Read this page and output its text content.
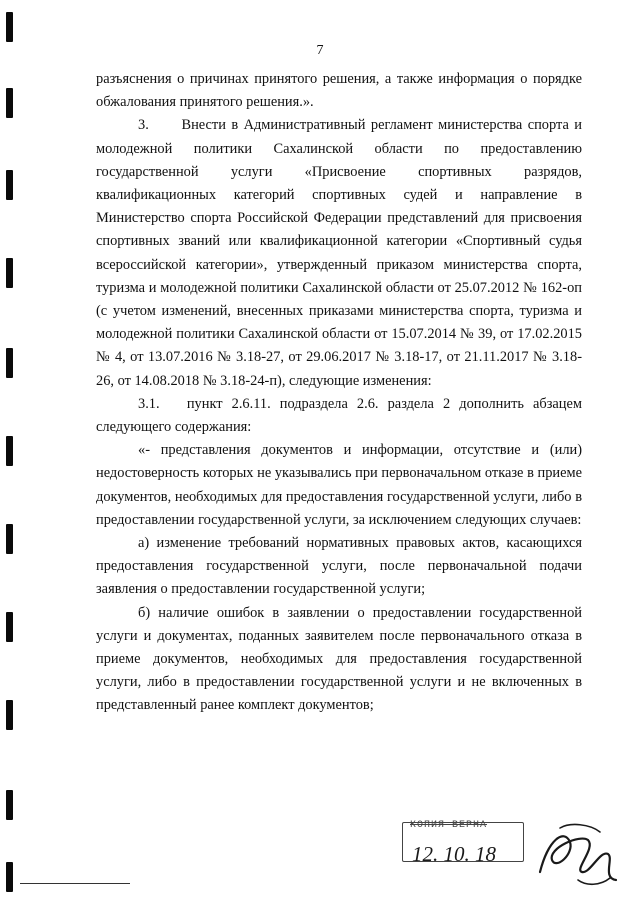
7

разъяснения о причинах принятого решения, а также информация о порядке обжалования принятого решения.».

3.      Внести в Административный регламент министерства спорта и молодежной политики Сахалинской области по предоставлению государственной услуги «Присвоение спортивных разрядов, квалификационных категорий спортивных судей и направление в Министерство спорта Российской Федерации представлений для присвоения спортивных званий или квалификационной категории «Спортивный судья всероссийской категории», утвержденный приказом министерства спорта, туризма и молодежной политики Сахалинской области от 25.07.2012 № 162-оп (с учетом изменений, внесенных приказами министерства спорта, туризма и молодежной политики Сахалинской области от 15.07.2014 № 39, от 17.02.2015 № 4, от 13.07.2016 № 3.18-27, от 29.06.2017 № 3.18-17, от 21.11.2017 № 3.18-26, от 14.08.2018 № 3.18-24-п), следующие изменения:

3.1.   пункт 2.6.11. подраздела 2.6. раздела 2 дополнить абзацем следующего содержания:

«- представления документов и информации, отсутствие и (или) недостоверность которых не указывались при первоначальном отказе в приеме документов, необходимых для предоставления государственной услуги, либо в предоставлении государственной услуги, за исключением следующих случаев:

а) изменение требований нормативных правовых актов, касающихся предоставления государственной услуги, после первоначальной подачи заявления о предоставлении государственной услуги;

б) наличие ошибок в заявлении о предоставлении государственной услуги и документах, поданных заявителем после первоначального отказа в приеме документов, необходимых для предоставления государственной услуги, либо в предоставлении государственной услуги и не включенных в представленный ранее комплект документов;

КОПИЯ ВЕРНА
12. 10. 18
